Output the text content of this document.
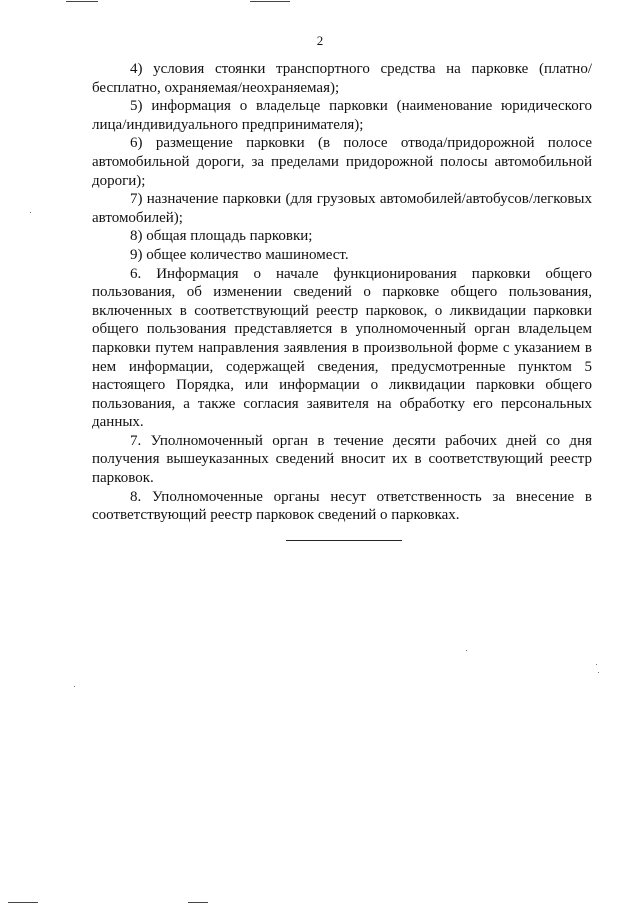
2

4) условия стоянки транспортного средства на парковке (платно/бесплатно, охраняемая/неохраняемая);

5) информация о владельце парковки (наименование юридического лица/индивидуального предпринимателя);

6) размещение парковки (в полосе отвода/придорожной полосе автомобильной дороги, за пределами придорожной полосы автомобильной дороги);

7) назначение парковки (для грузовых автомобилей/автобусов/легковых автомобилей);

8) общая площадь парковки;

9) общее количество машиномест.

6. Информация о начале функционирования парковки общего пользования, об изменении сведений о парковке общего пользования, включенных в соответствующий реестр парковок, о ликвидации парковки общего пользования представляется в уполномоченный орган владельцем парковки путем направления заявления в произвольной форме с указанием в нем информации, содержащей сведения, предусмотренные пунктом 5 настоящего Порядка, или информации о ликвидации парковки общего пользования, а также согласия заявителя на обработку его персональных данных.

7. Уполномоченный орган в течение десяти рабочих дней со дня получения вышеуказанных сведений вносит их в соответствующий реестр парковок.

8. Уполномоченные органы несут ответственность за внесение в соответствующий реестр парковок сведений о парковках.
